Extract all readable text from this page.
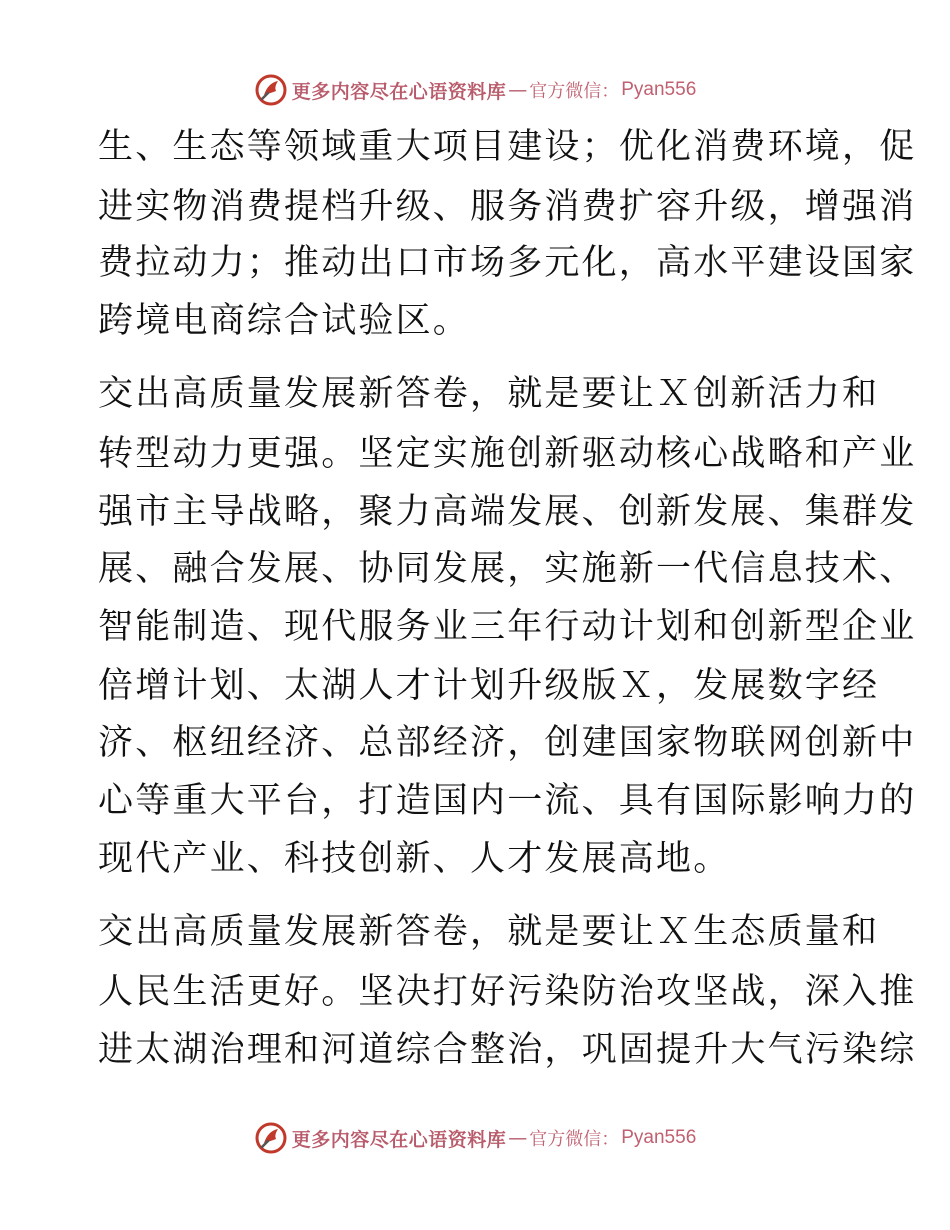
更多内容尽在心语资料库 — 官方微信： Pyan556
生、生态等领域重大项目建设；优化消费环境，促
进实物消费提档升级、服务消费扩容升级，增强消
费拉动力；推动出口市场多元化，高水平建设国家
跨境电商综合试验区。
交出高质量发展新答卷，就是要让Ｘ创新活力和
转型动力更强。坚定实施创新驱动核心战略和产业
强市主导战略，聚力高端发展、创新发展、集群发
展、融合发展、协同发展，实施新一代信息技术、
智能制造、现代服务业三年行动计划和创新型企业
倍增计划、太湖人才计划升级版Ｘ，发展数字经
济、枢纽经济、总部经济，创建国家物联网创新中
心等重大平台，打造国内一流、具有国际影响力的
现代产业、科技创新、人才发展高地。
交出高质量发展新答卷，就是要让Ｘ生态质量和
人民生活更好。坚决打好污染防治攻坚战，深入推
进太湖治理和河道综合整治，巩固提升大气污染综
更多内容尽在心语资料库 — 官方微信： Pyan556
